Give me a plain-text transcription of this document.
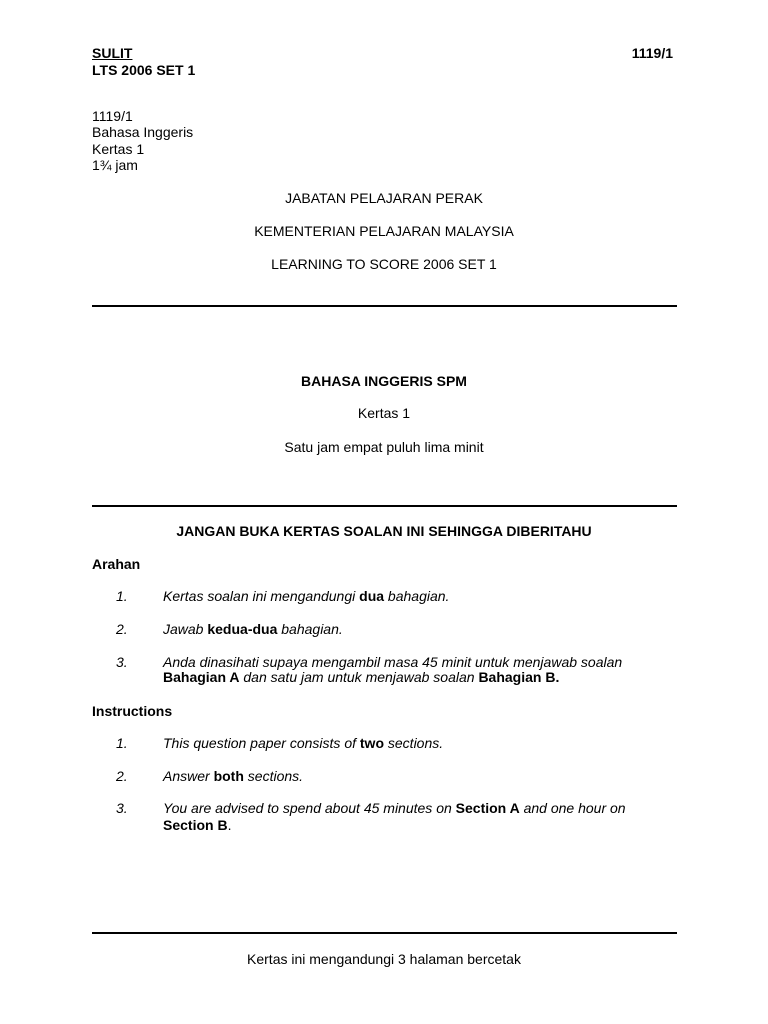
SULIT	1119/1
LTS 2006 SET 1
1119/1
Bahasa Inggeris
Kertas 1
1¾ jam
JABATAN PELAJARAN PERAK
KEMENTERIAN PELAJARAN MALAYSIA
LEARNING TO SCORE 2006 SET 1
BAHASA INGGERIS SPM
Kertas 1
Satu jam empat puluh lima minit
JANGAN BUKA KERTAS SOALAN INI SEHINGGA DIBERITAHU
Arahan
1.	Kertas soalan ini mengandungi dua bahagian.
2.	Jawab kedua-dua bahagian.
3.	Anda dinasihati supaya mengambil masa 45 minit untuk menjawab soalan
Bahagian A dan satu jam untuk menjawab soalan Bahagian B.
Instructions
1.	This question paper consists of two sections.
2.	Answer both sections.
3.	You are advised to spend about 45 minutes on Section A and one hour on
Section B.
Kertas ini mengandungi 3 halaman bercetak
